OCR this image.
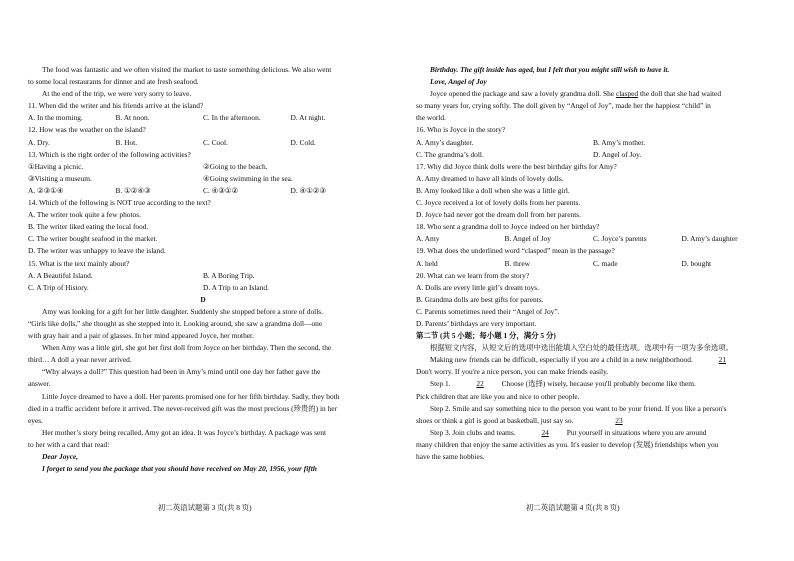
The food was fantastic and we often visited the market to taste something delicious. We also went
to some local restaurants for dinner and ate fresh seafood.
At the end of the trip, we were very sorry to leave.
11. When did the writer and his friends arrive at the island?
A. In the morning.	B. At noon.	C. In the afternoon.	D. At night.
12. How was the weather on the island?
A. Dry.	B. Hot.	C. Cool.	D. Cold.
13. Which is the right order of the following activities?
①Having a picnic.	②Going to the beach.
③Visiting a museum.	④Going swimming in the sea.
A. ②③①④	B. ①②④③	C. ④③①②	D. ④①②③
14. Which of the following is NOT true according to the text?
A. The writer took quite a few photos.
B. The writer liked eating the local food.
C. The writer bought seafood in the market.
D. The writer was unhappy to leave the island.
15. What is the text mainly about?
A. A Beautiful Island.	B. A Boring Trip.
C. A Trip of History.	D. A Trip to an Island.
D
Amy was looking for a gift for her little daughter. Suddenly she stopped before a store of dolls.
“Girls like dolls,” she thought as she stepped into it. Looking around, she saw a grandma doll—one
with gray hair and a pair of glasses. In her mind appeared Joyce, her mother.
When Amy was a little girl, she got her first doll from Joyce on her birthday. Then the second, the
third… A doll a year never arrived.
“Why always a doll?” This question had been in Amy’s mind until one day her father gave the
answer.
Little Joyce dreamed to have a doll. Her parents promised one for her fifth birthday. Sadly, they both
died in a traffic accident before it arrived. The never-received gift was the most precious (珍贵的) in her
eyes.
Her mother’s story being recalled, Amy got an idea. It was Joyce’s birthday. A package was sent
to her with a card that read:
Dear Joyce,
I forget to send you the package that you should have received on May 20, 1956, your fifth
初二英语试题第 3 页(共 8 页)
Birthday. The gift inside has aged, but I felt that you might still wish to have it.
Love, Angel of Joy
Joyce opened the package and saw a lovely grandma doll. She clasped the doll that she had waited
so many years for, crying softly. The doll given by “Angel of Joy”, made her the happiest “child” in
the world.
16. Who is Joyce in the story?
A. Amy’s daughter.	B. Amy’s mother.
C. The grandma’s doll.	D. Angel of Joy.
17. Why did Joyce think dolls were the best birthday gifts for Amy?
A. Amy dreamed to have all kinds of lovely dolls.
B. Amy looked like a doll when she was a little girl.
C. Joyce received a lot of lovely dolls from her parents.
D. Joyce had never got the dream doll from her parents.
18. Who sent a grandma doll to Joyce indeed on her birthday?
A. Amy	B. Angel of Joy	C. Joyce’s parents	D. Amy’s daughter
19. What does the underlined word “clasped” mean in the passage?
A. held	B. threw	C. made	D. bought
20. What can we learn from the story?
A. Dolls are every little girl’s dream toys.
B. Grandma dolls are best gifts for parents.
C. Parents sometimes need their “Angel of Joy”.
D. Parents’ birthdays are very important.
第二节 (共 5 小题；每小题 1 分，满分 5 分)
根据短文内容，从短文后的选项中选出能填入空白处的最佳选项。选项中有一项为多余选项。
Making new friends can be difficult, especially if you are a child in a new neighborhood.	21
Don't worry. If you're a nice person, you can make friends easily.
Step 1.	22 Choose (选择) wisely, because you'll probably become like them.
Pick children that are like you and nice to other people.
Step 2. Smile and say something nice to the person you want to be your friend. If you like a person's
shoes or think a girl is good at basketball, just say so.	23
Step 3. Join clubs and teams.	24 Put yourself in situations where you are around
many children that enjoy the same activities as you. It's easier to develop (发展) friendships when you
have the same hobbies.
初二英语试题第 4 页(共 8 页)
